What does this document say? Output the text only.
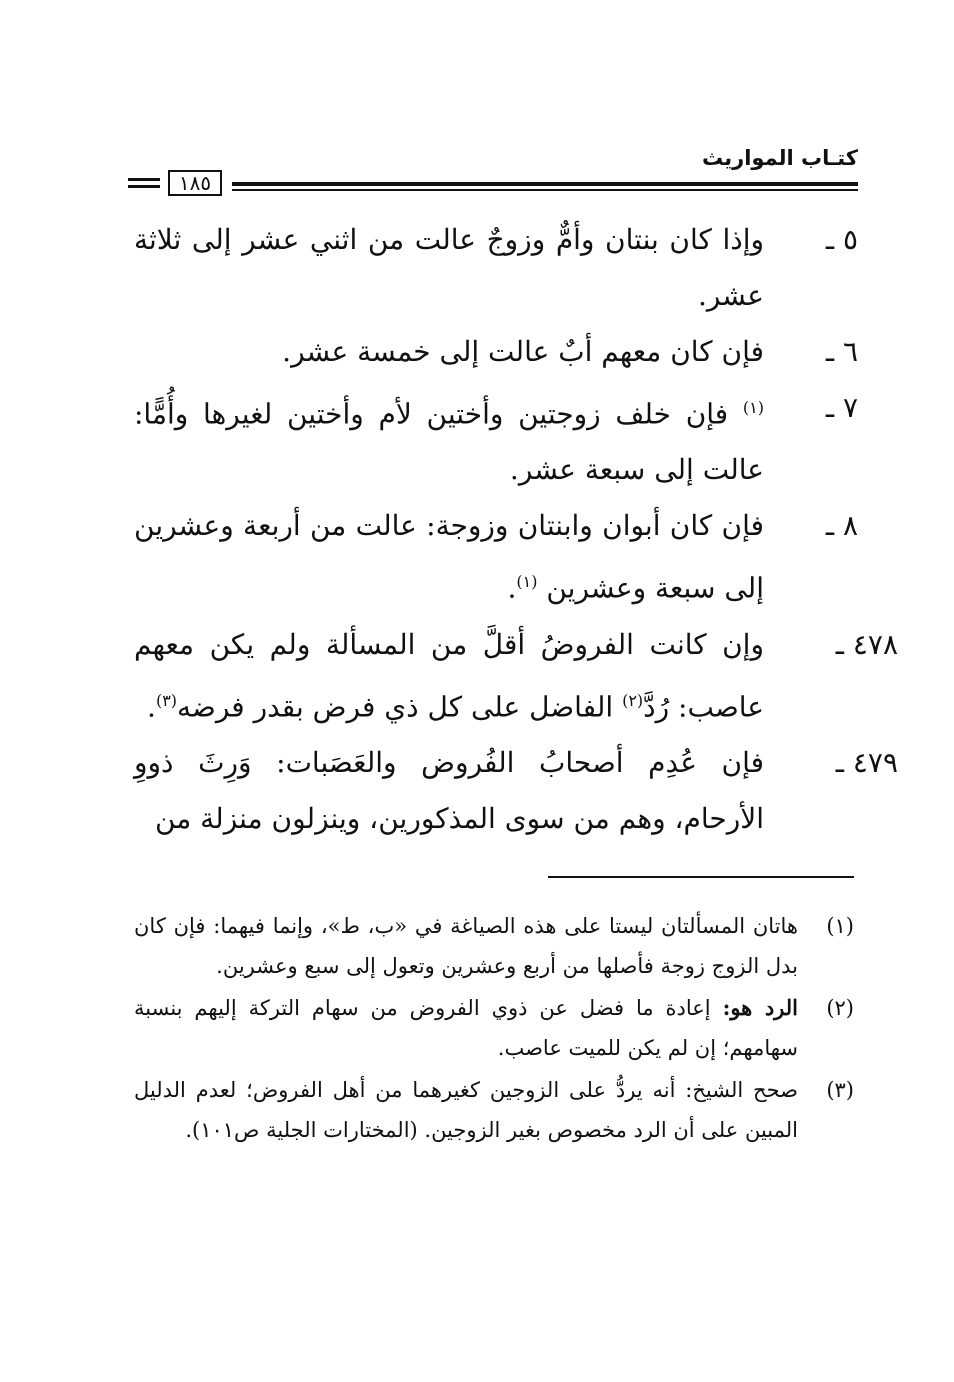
كتـاب المواريث
١٨٥

٥ ـ
وإذا كان بنتان وأمٌّ وزوجٌ عالت من اثني عشر إلى ثلاثة عشر.

٦ ـ
فإن كان معهم أبٌ عالت إلى خمسة عشر.

٧ ـ
$^{(١)}$ فإن خلف زوجتين وأختين لأم وأختين لغيرها وأُمًّا: عالت إلى سبعة عشر.

٨ ـ
فإن كان أبوان وابنتان وزوجة: عالت من أربعة وعشرين إلى سبعة وعشرين $^{(١)}$.

٤٧٨ ـ
وإن كانت الفروضُ أقلَّ من المسألة ولم يكن معهم عاصب: رُدَّ$^{(٢)}$ الفاضل على كل ذي فرض بقدر فرضه$^{(٣)}$.

٤٧٩ ـ
فإن عُدِم أصحابُ الفُروض والعَصَبات: وَرِثَ ذووِ الأرحام، وهم من سوى المذكورين، وينزلون منزلة من

(١)
هاتان المسألتان ليستا على هذه الصياغة في «ب، ط»، وإنما فيهما: فإن كان بدل الزوج زوجة فأصلها من أربع وعشرين وتعول إلى سبع وعشرين.

(٢)
الرد هو: إعادة ما فضل عن ذوي الفروض من سهام التركة إليهم بنسبة سهامهم؛ إن لم يكن للميت عاصب.

(٣)
صحح الشيخ: أنه يردُّ على الزوجين كغيرهما من أهل الفروض؛ لعدم الدليل المبين على أن الرد مخصوص بغير الزوجين. (المختارات الجلية ص١٠١).
